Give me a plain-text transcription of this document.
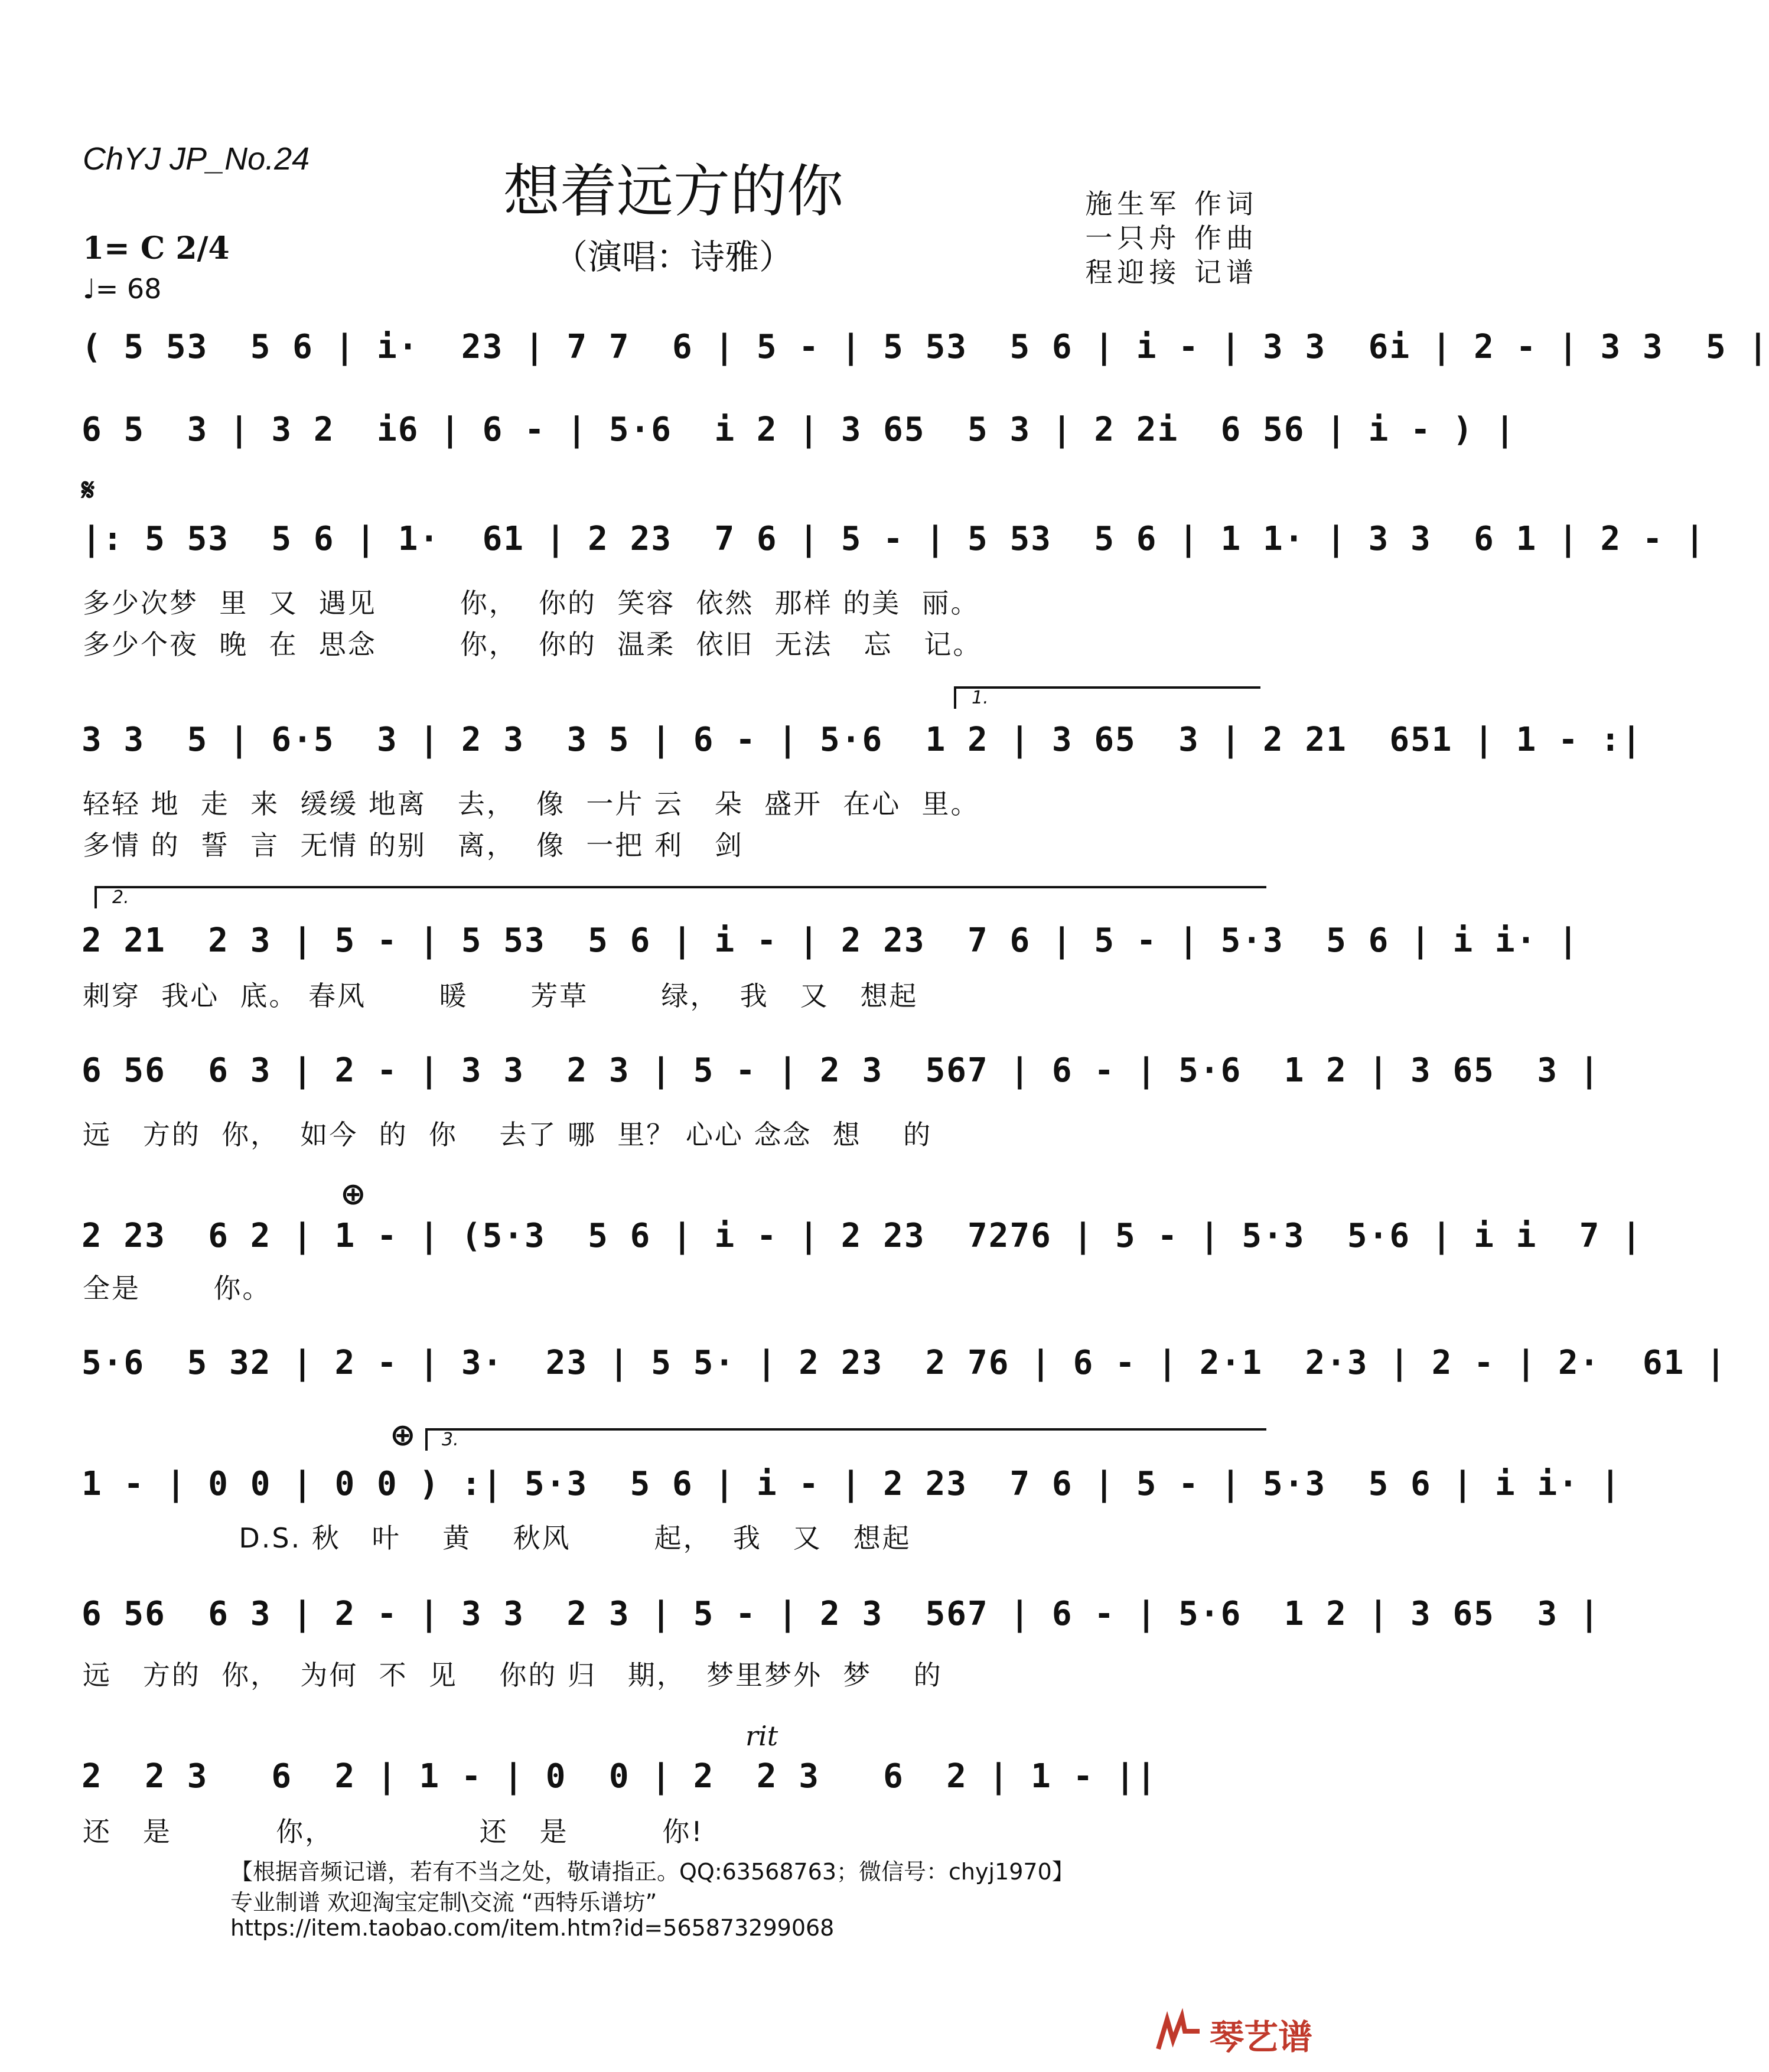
ChYJ JP_No.24	想着远方的你
（演唱：诗雅）
施生军 作词
一只舟 作曲
程迎接 记谱
1= C 2/4
♩= 68
( 5 53  5 6 | i·  23 | 7 7  6 | 5 - | 5 53  5 6 | i - | 3 3  6i | 2 - | 3 3  5 |
6 5  3 | 3 2  i6 | 6 - | 5·6  i 2 | 3 65  5 3 | 2 2i  6 56 | i - ) |
𝄋
|: 5 53  5 6 | 1·  61 | 2 23  7 6 | 5 - | 5 53  5 6 | 1 1· | 3 3  6 1 | 2 - |
多少次梦  里  又  遇见        你，  你的  笑容  依然  那样 的美  丽。
多少个夜  晚  在  思念        你，  你的  温柔  依旧  无法   忘   记。
1.
3 3  5 | 6·5  3 | 2 3  3 5 | 6 - | 5·6  1 2 | 3 65  3 | 2 21  651 | 1 - :|
轻轻 地  走  来  缓缓 地离   去，  像  一片 云   朵  盛开  在心  里。
多情 的  誓  言  无情 的别   离，  像  一把 利   剑
2.
2 21  2 3 | 5 - | 5 53  5 6 | i - | 2 23  7 6 | 5 - | 5·3  5 6 | i i· |
刺穿  我心  底。 春风       暖      芳草       绿，  我   又   想起
6 56  6 3 | 2 - | 3 3  2 3 | 5 - | 2 3  567 | 6 - | 5·6  1 2 | 3 65  3 |
远   方的  你，  如今  的  你    去了 哪  里？ 心心 念念  想    的
⊕
2 23  6 2 | 1 - | (5·3  5 6 | i - | 2 23  7276 | 5 - | 5·3  5·6 | i i  7 |
全是       你。
5·6  5 32 | 2 - | 3·  23 | 5 5· | 2 23  2 76 | 6 - | 2·1  2·3 | 2 - | 2·  61 |
⊕ 3.
1 - | 0 0 | 0 0 ) :| 5·3  5 6 | i - | 2 23  7 6 | 5 - | 5·3  5 6 | i i· |
D.S. 秋   叶    黄    秋风        起，  我   又   想起
6 56  6 3 | 2 - | 3 3  2 3 | 5 - | 2 3  567 | 6 - | 5·6  1 2 | 3 65  3 |
远   方的  你，  为何  不  见    你的 归   期，  梦里梦外  梦    的
rit
2  2 3   6  2 | 1 - | 0  0 | 2  2 3   6  2 | 1 - ||
还   是          你，              还   是         你!
【根据音频记谱，若有不当之处，敬请指正。QQ:63568763；微信号：chyj1970】
专业制谱 欢迎淘宝定制\交流 “西特乐谱坊”
https://item.taobao.com/item.htm?id=565873299068
琴艺谱
